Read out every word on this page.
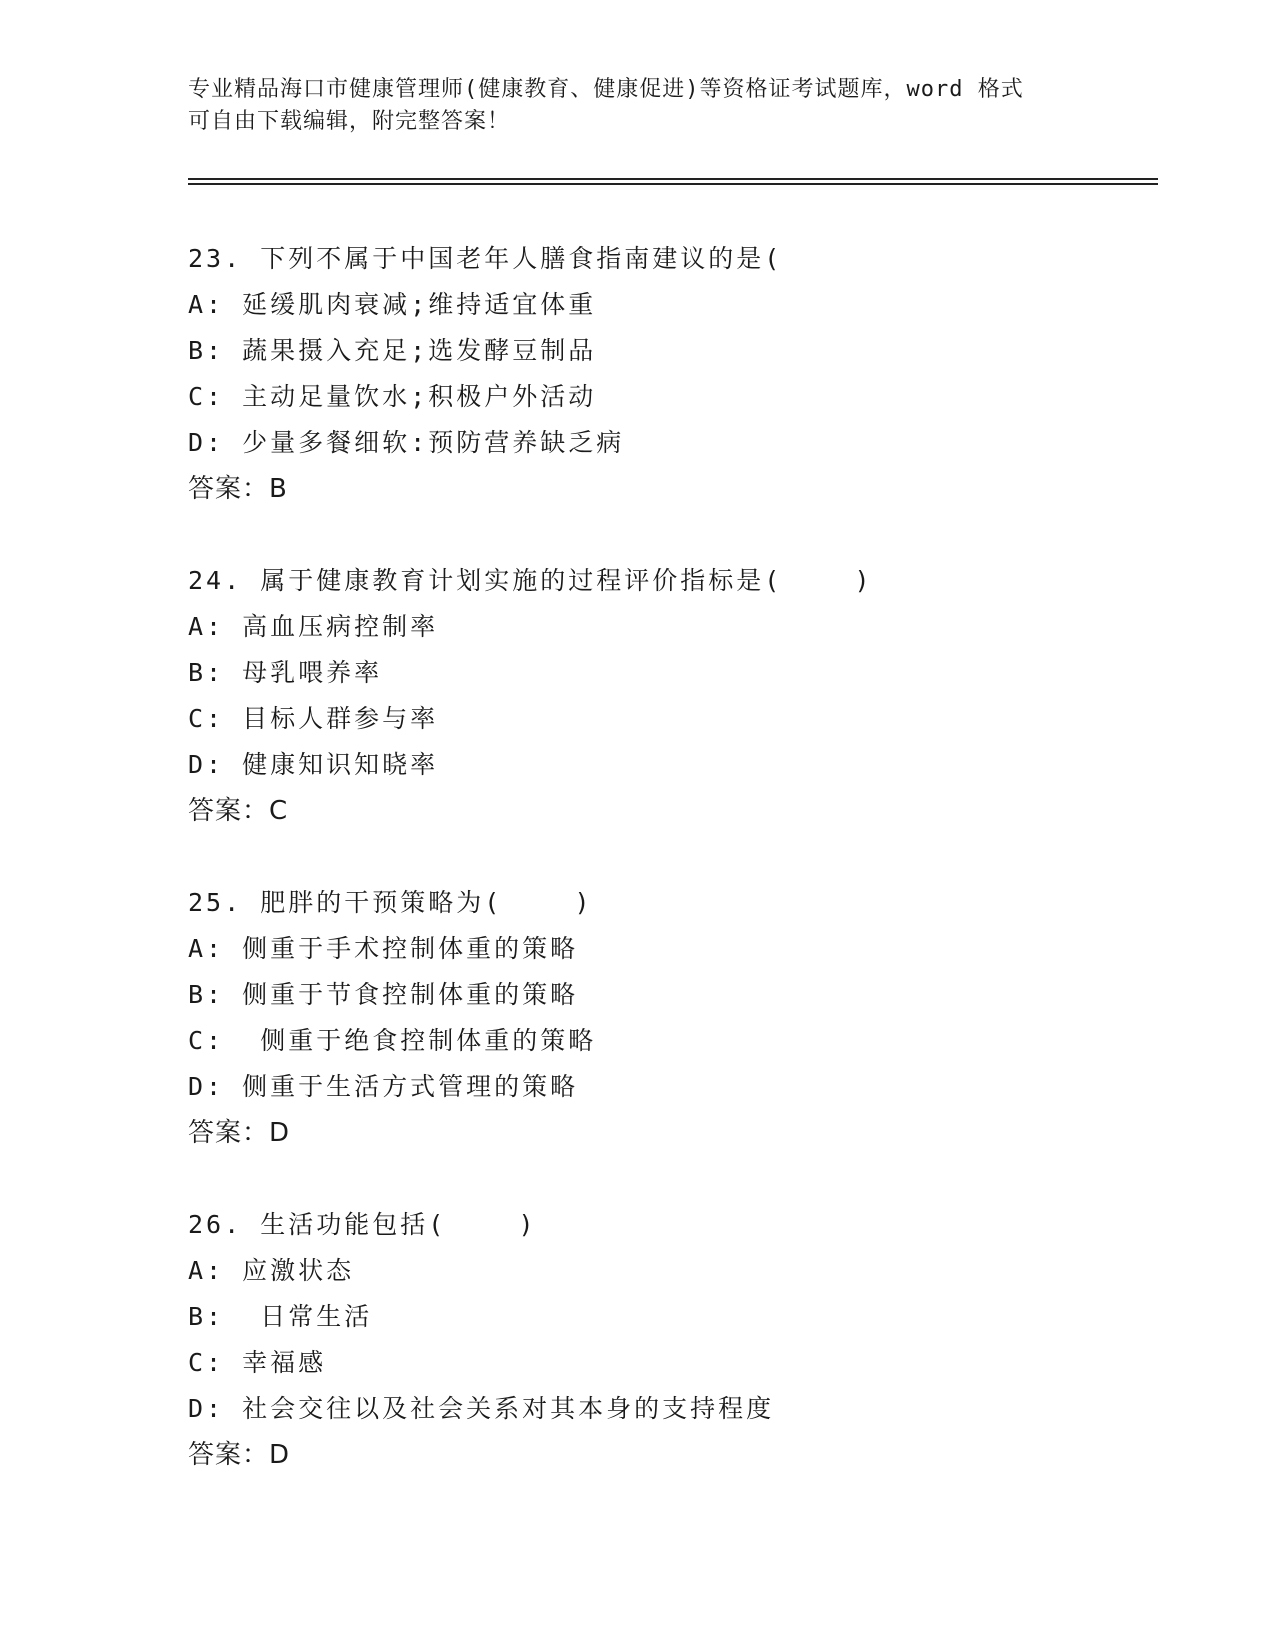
专业精品海口市健康管理师(健康教育、健康促进)等资格证考试题库，word 格式
可自由下载编辑，附完整答案！
23. 下列不属于中国老年人膳食指南建议的是(
A: 延缓肌肉衰减;维持适宜体重
B: 蔬果摄入充足;选发酵豆制品
C: 主动足量饮水;积极户外活动
D: 少量多餐细软:预防营养缺乏病
答案：B
24. 属于健康教育计划实施的过程评价指标是(    )
A: 高血压病控制率
B: 母乳喂养率
C: 目标人群参与率
D: 健康知识知晓率
答案：C
25. 肥胖的干预策略为(    )
A: 侧重于手术控制体重的策略
B: 侧重于节食控制体重的策略
C:  侧重于绝食控制体重的策略
D: 侧重于生活方式管理的策略
答案：D
26. 生活功能包括(    )
A: 应激状态
B:  日常生活
C: 幸福感
D: 社会交往以及社会关系对其本身的支持程度
答案：D
